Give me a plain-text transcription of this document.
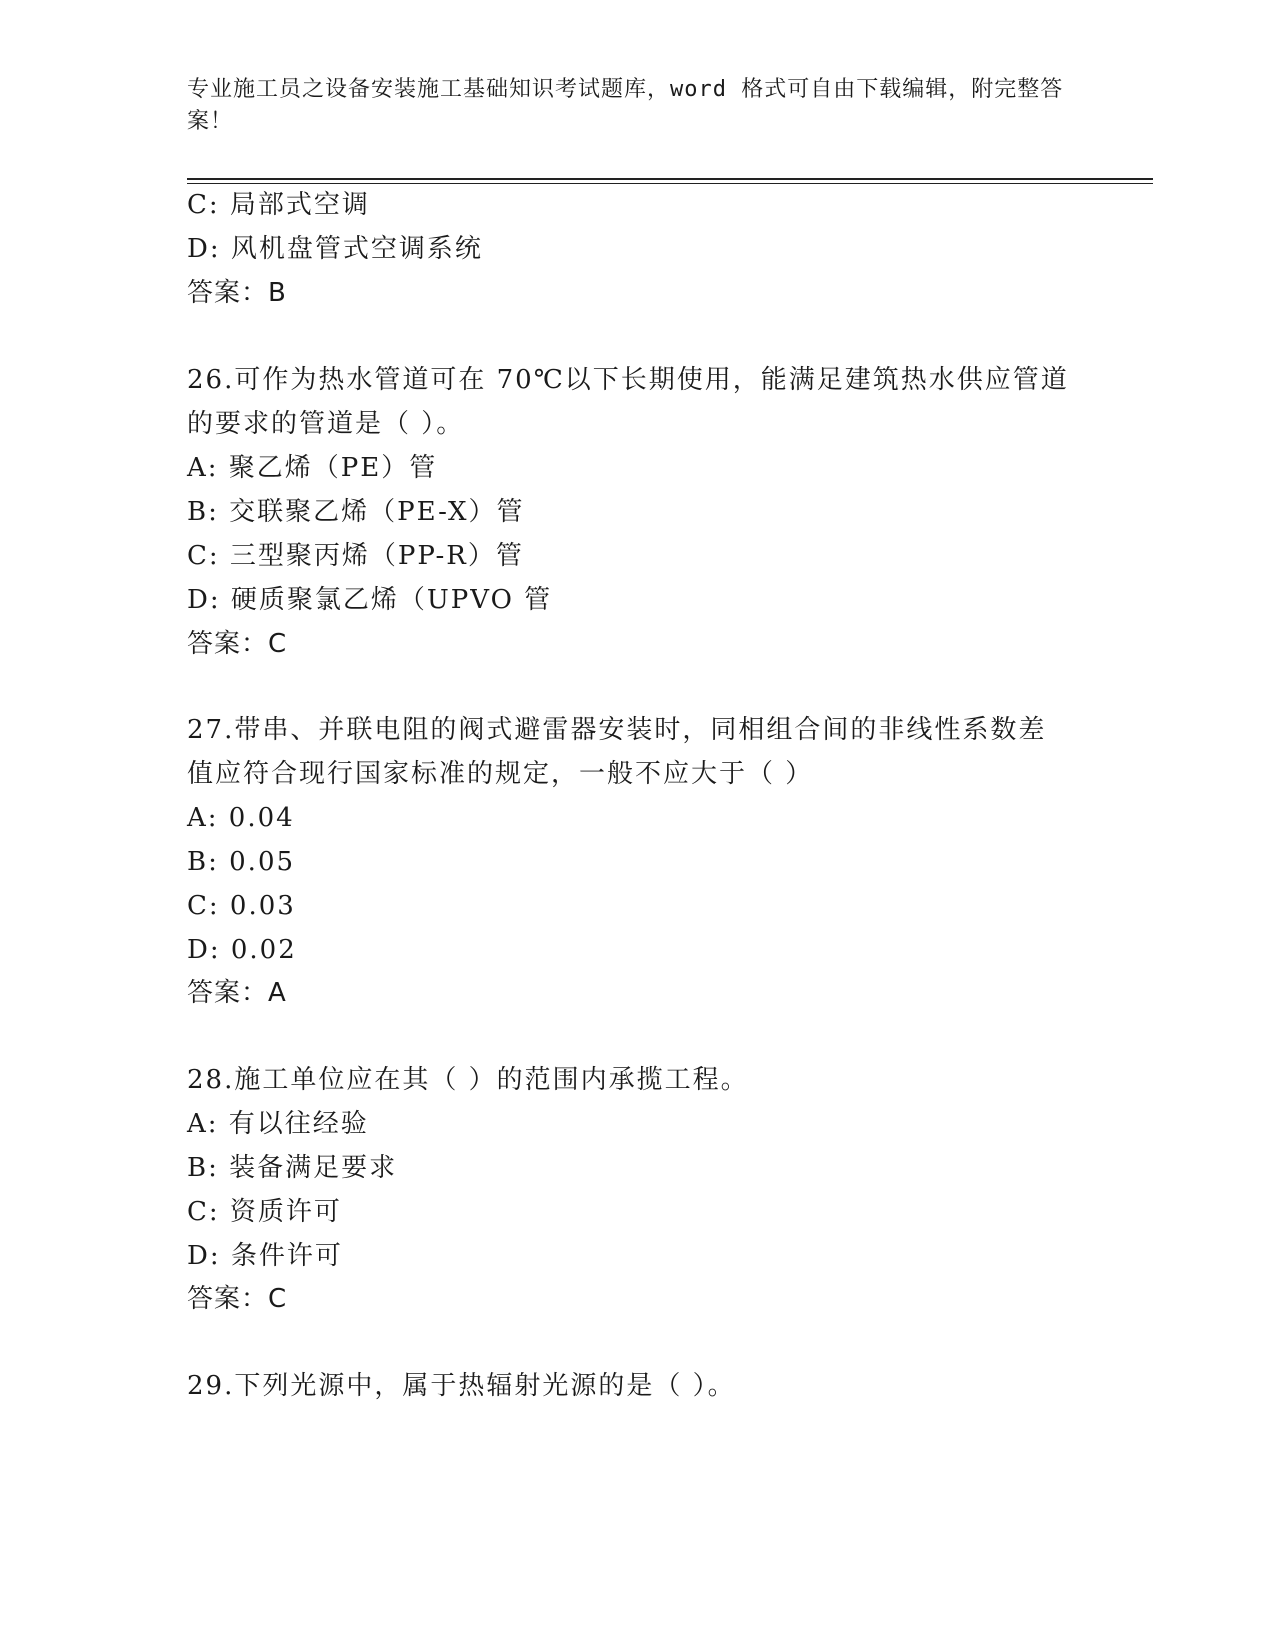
专业施工员之设备安装施工基础知识考试题库，word 格式可自由下载编辑，附完整答案！
C: 局部式空调
D: 风机盘管式空调系统
答案：B
26.可作为热水管道可在 70℃以下长期使用，能满足建筑热水供应管道
的要求的管道是（ ）。
A: 聚乙烯（PE）管
B: 交联聚乙烯（PE-X）管
C: 三型聚丙烯（PP-R）管
D: 硬质聚氯乙烯（UPVO 管
答案：C
27.带串、并联电阻的阀式避雷器安装时，同相组合间的非线性系数差
值应符合现行国家标准的规定，一般不应大于（ ）
A: 0.04
B: 0.05
C: 0.03
D: 0.02
答案：A
28.施工单位应在其（ ）的范围内承揽工程。
A: 有以往经验
B: 装备满足要求
C: 资质许可
D: 条件许可
答案：C
29.下列光源中，属于热辐射光源的是（ ）。
